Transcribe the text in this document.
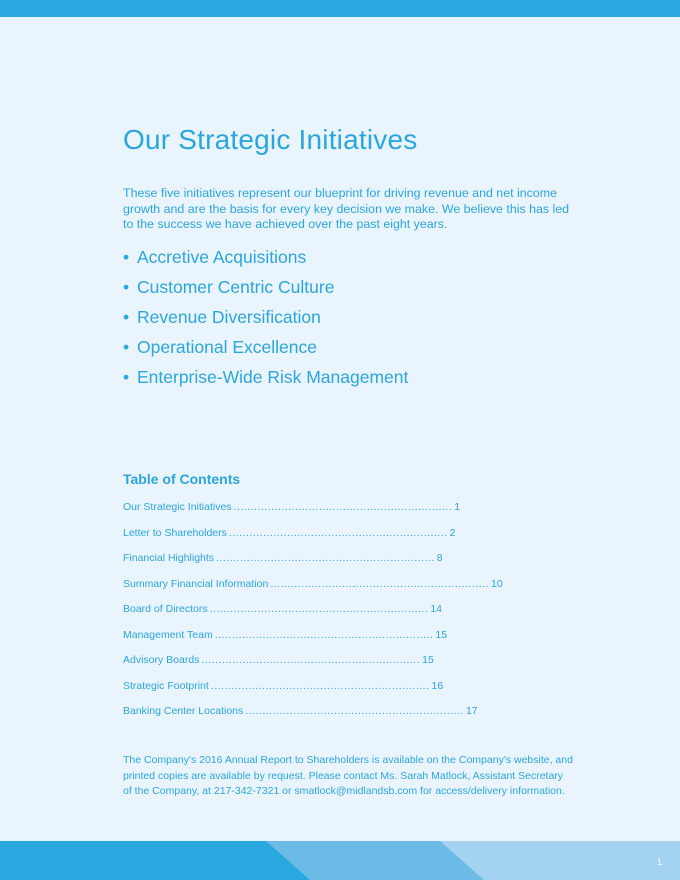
Our Strategic Initiatives

These five initiatives represent our blueprint for driving revenue and net income growth and are the basis for every key decision we make. We believe this has led to the success we have achieved over the past eight years.

• Accretive Acquisitions
• Customer Centric Culture
• Revenue Diversification
• Operational Excellence
• Enterprise-Wide Risk Management
Table of Contents
Our Strategic Initiatives ................................................................ 1
Letter to Shareholders ................................................................ 2
Financial Highlights ................................................................ 8
Summary Financial Information ................................................................ 10
Board of Directors ................................................................ 14
Management Team ................................................................ 15
Advisory Boards ................................................................ 15
Strategic Footprint ................................................................ 16
Banking Center Locations ................................................................ 17

The Company's 2016 Annual Report to Shareholders is available on the Company's website, and printed copies are available by request. Please contact Ms. Sarah Matlock, Assistant Secretary of the Company, at 217-342-7321 or smatlock@midlandsb.com for access/delivery information.

1
